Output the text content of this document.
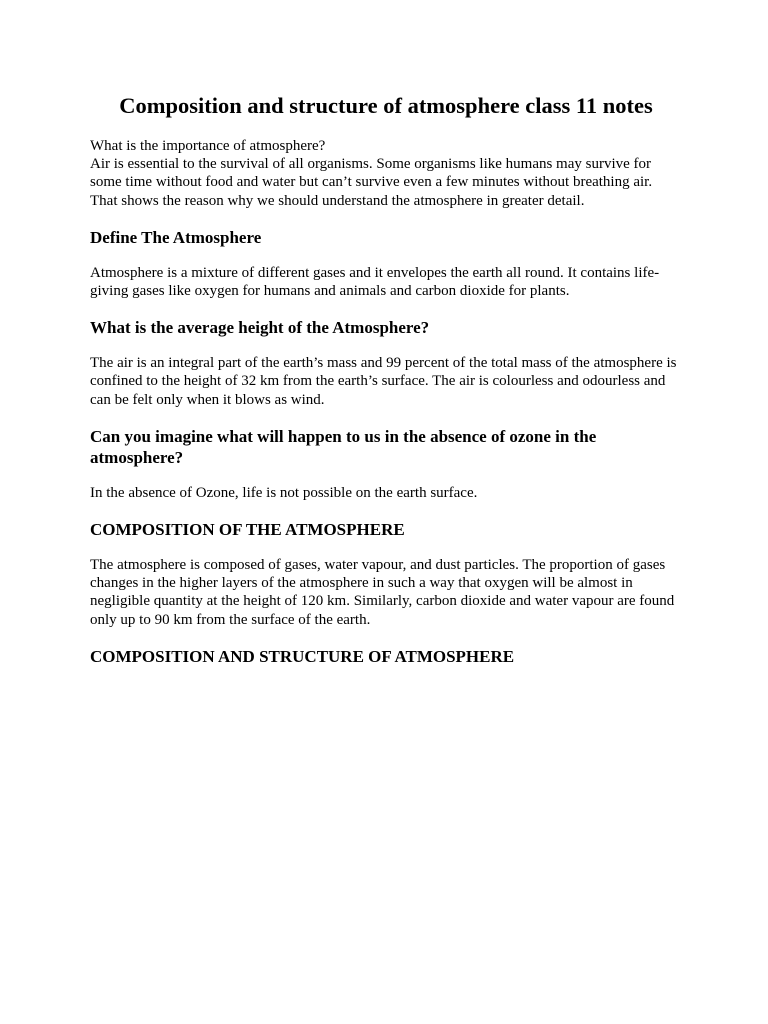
Composition and structure of atmosphere class 11 notes

What is the importance of atmosphere?

Air is essential to the survival of all organisms. Some organisms like humans may survive for some time without food and water but can’t survive even a few minutes without breathing air. That shows the reason why we should understand the atmosphere in greater detail.

Define The Atmosphere

Atmosphere is a mixture of different gases and it envelopes the earth all round. It contains life-giving gases like oxygen for humans and animals and carbon dioxide for plants.

What is the average height of the Atmosphere?

The air is an integral part of the earth’s mass and 99 percent of the total mass of the atmosphere is confined to the height of 32 km from the earth’s surface. The air is colourless and odourless and can be felt only when it blows as wind.

Can you imagine what will happen to us in the absence of ozone in the atmosphere?

In the absence of Ozone, life is not possible on the earth surface.

COMPOSITION OF THE ATMOSPHERE

The atmosphere is composed of gases, water vapour, and dust particles. The proportion of gases changes in the higher layers of the atmosphere in such a way that oxygen will be almost in negligible quantity at the height of 120 km. Similarly, carbon dioxide and water vapour are found only up to 90 km from the surface of the earth.

COMPOSITION AND STRUCTURE OF ATMOSPHERE
